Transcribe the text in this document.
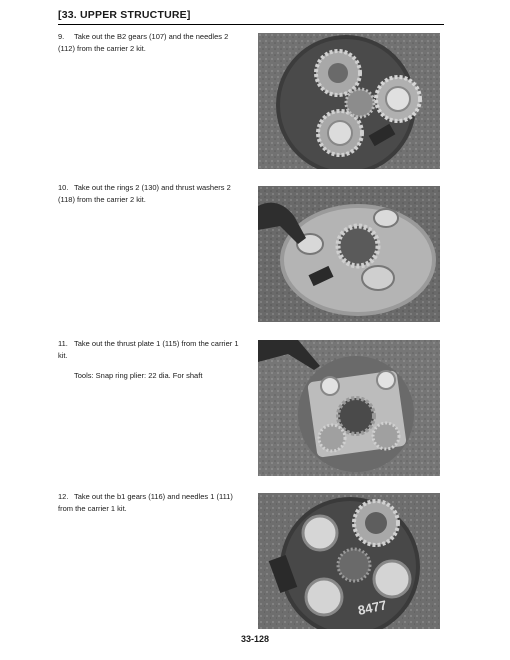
[33. UPPER STRUCTURE]
9. Take out the B2 gears (107) and the needles 2 (112) from the carrier 2 kit.
10. Take out the rings 2 (130) and thrust washers 2 (118) from the carrier 2 kit.
11. Take out the thrust plate 1 (115) from the carrier 1 kit.
Tools: Snap ring plier: 22 dia. For shaft
12. Take out the b1 gears (116) and needles 1 (111) from the carrier 1 kit.
8477
33-128
